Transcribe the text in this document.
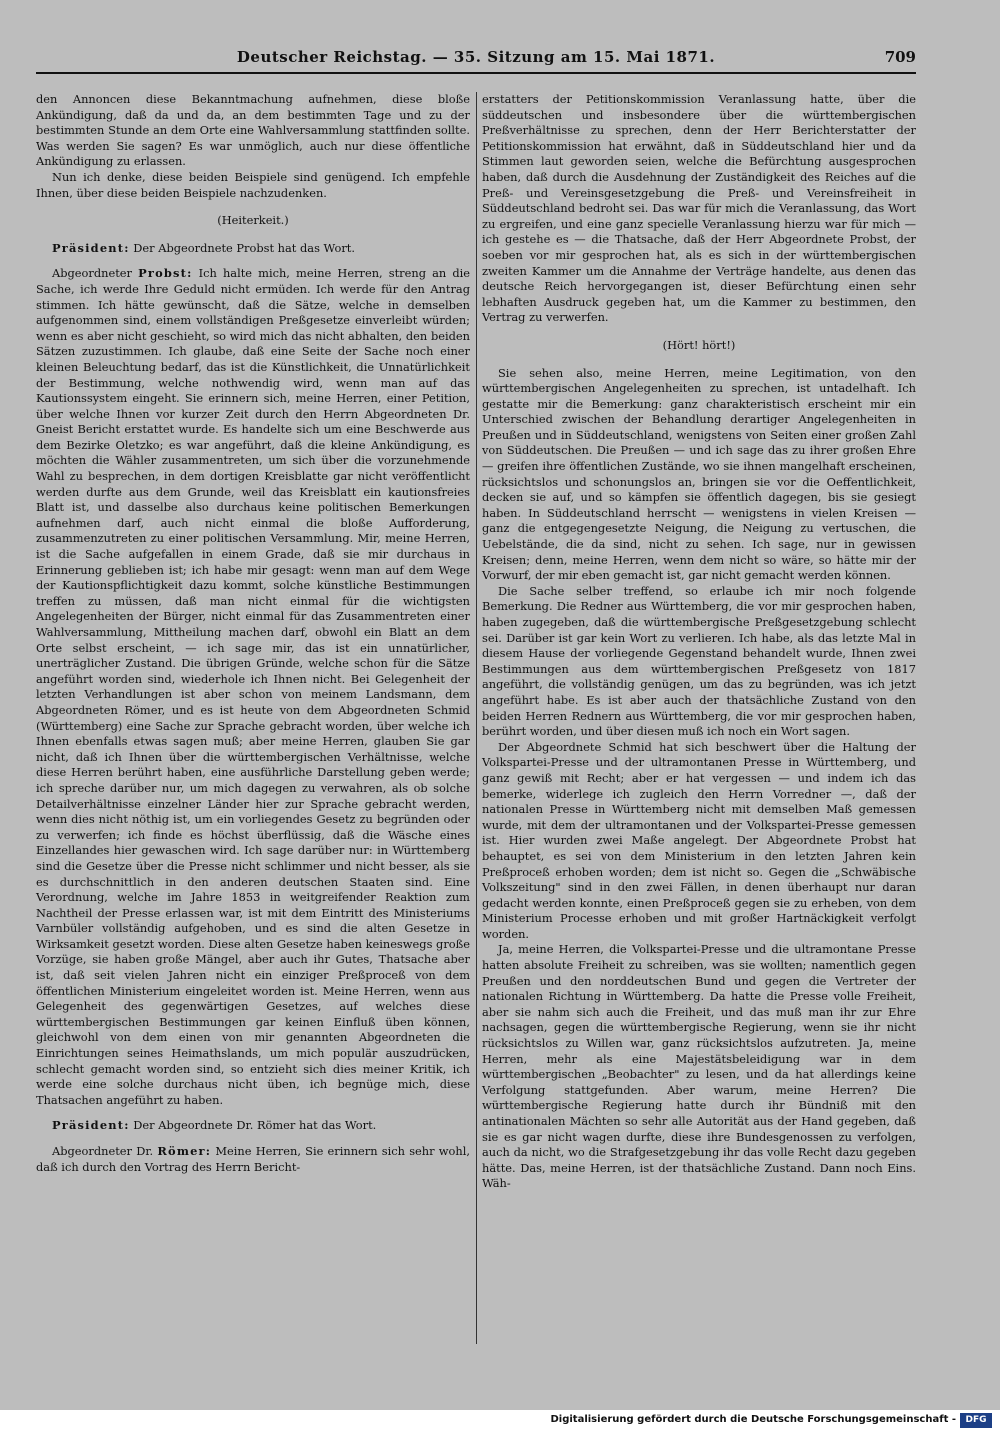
Deutscher Reichstag. — 35. Sitzung am 15. Mai 1871.	709

den Annoncen diese Bekanntmachung aufnehmen, diese bloße Ankündigung, daß da und da, an dem bestimmten Tage und zu der bestimmten Stunde an dem Orte eine Wahlversammlung stattfinden sollte. Was werden Sie sagen? Es war unmöglich, auch nur diese öffentliche Ankündigung zu erlassen.

Nun ich denke, diese beiden Beispiele sind genügend. Ich empfehle Ihnen, über diese beiden Beispiele nachzudenken.

(Heiterkeit.)

Präsident: Der Abgeordnete Probst hat das Wort.

Abgeordneter Probst: Ich halte mich, meine Herren, streng an die Sache, ich werde Ihre Geduld nicht ermüden. Ich werde für den Antrag stimmen. Ich hätte gewünscht, daß die Sätze, welche in demselben aufgenommen sind, einem vollständigen Preßgesetze einverleibt würden; wenn es aber nicht geschieht, so wird mich das nicht abhalten, den beiden Sätzen zuzustimmen. Ich glaube, daß eine Seite der Sache noch einer kleinen Beleuchtung bedarf, das ist die Künstlichkeit, die Unnatürlichkeit der Bestimmung, welche nothwendig wird, wenn man auf das Kautionssystem eingeht. Sie erinnern sich, meine Herren, einer Petition, über welche Ihnen vor kurzer Zeit durch den Herrn Abgeordneten Dr. Gneist Bericht erstattet wurde. Es handelte sich um eine Beschwerde aus dem Bezirke Oletzko; es war angeführt, daß die kleine Ankündigung, es möchten die Wähler zusammentreten, um sich über die vorzunehmende Wahl zu besprechen, in dem dortigen Kreisblatte gar nicht veröffentlicht werden durfte aus dem Grunde, weil das Kreisblatt ein kautionsfreies Blatt ist, und dasselbe also durchaus keine politischen Bemerkungen aufnehmen darf, auch nicht einmal die bloße Aufforderung, zusammenzutreten zu einer politischen Versammlung. Mir, meine Herren, ist die Sache aufgefallen in einem Grade, daß sie mir durchaus in Erinnerung geblieben ist; ich habe mir gesagt: wenn man auf dem Wege der Kautionspflichtigkeit dazu kommt, solche künstliche Bestimmungen treffen zu müssen, daß man nicht einmal für die wichtigsten Angelegenheiten der Bürger, nicht einmal für das Zusammentreten einer Wahlversammlung, Mittheilung machen darf, obwohl ein Blatt an dem Orte selbst erscheint, — ich sage mir, das ist ein unnatürlicher, unerträglicher Zustand. Die übrigen Gründe, welche schon für die Sätze angeführt worden sind, wiederhole ich Ihnen nicht. Bei Gelegenheit der letzten Verhandlungen ist aber schon von meinem Landsmann, dem Abgeordneten Römer, und es ist heute von dem Abgeordneten Schmid (Württemberg) eine Sache zur Sprache gebracht worden, über welche ich Ihnen ebenfalls etwas sagen muß; aber meine Herren, glauben Sie gar nicht, daß ich Ihnen über die württembergischen Verhältnisse, welche diese Herren berührt haben, eine ausführliche Darstellung geben werde; ich spreche darüber nur, um mich dagegen zu verwahren, als ob solche Detailverhältnisse einzelner Länder hier zur Sprache gebracht werden, wenn dies nicht nöthig ist, um ein vorliegendes Gesetz zu begründen oder zu verwerfen; ich finde es höchst überflüssig, daß die Wäsche eines Einzellandes hier gewaschen wird. Ich sage darüber nur: in Württemberg sind die Gesetze über die Presse nicht schlimmer und nicht besser, als sie es durchschnittlich in den anderen deutschen Staaten sind. Eine Verordnung, welche im Jahre 1853 in weitgreifender Reaktion zum Nachtheil der Presse erlassen war, ist mit dem Eintritt des Ministeriums Varnbüler vollständig aufgehoben, und es sind die alten Gesetze in Wirksamkeit gesetzt worden. Diese alten Gesetze haben keineswegs große Vorzüge, sie haben große Mängel, aber auch ihr Gutes, Thatsache aber ist, daß seit vielen Jahren nicht ein einziger Preßproceß von dem öffentlichen Ministerium eingeleitet worden ist. Meine Herren, wenn aus Gelegenheit des gegenwärtigen Gesetzes, auf welches diese württembergischen Bestimmungen gar keinen Einfluß üben können, gleichwohl von dem einen von mir genannten Abgeordneten die Einrichtungen seines Heimathslands, um mich populär auszudrücken, schlecht gemacht worden sind, so entzieht sich dies meiner Kritik, ich werde eine solche durchaus nicht üben, ich begnüge mich, diese Thatsachen angeführt zu haben.

Präsident: Der Abgeordnete Dr. Römer hat das Wort.

Abgeordneter Dr. Römer: Meine Herren, Sie erinnern sich sehr wohl, daß ich durch den Vortrag des Herrn Bericht-

erstatters der Petitionskommission Veranlassung hatte, über die süddeutschen und insbesondere über die württembergischen Preßverhältnisse zu sprechen, denn der Herr Berichterstatter der Petitionskommission hat erwähnt, daß in Süddeutschland hier und da Stimmen laut geworden seien, welche die Befürchtung ausgesprochen haben, daß durch die Ausdehnung der Zuständigkeit des Reiches auf die Preß- und Vereinsgesetzgebung die Preß- und Vereinsfreiheit in Süddeutschland bedroht sei. Das war für mich die Veranlassung, das Wort zu ergreifen, und eine ganz specielle Veranlassung hierzu war für mich — ich gestehe es — die Thatsache, daß der Herr Abgeordnete Probst, der soeben vor mir gesprochen hat, als es sich in der württembergischen zweiten Kammer um die Annahme der Verträge handelte, aus denen das deutsche Reich hervorgegangen ist, dieser Befürchtung einen sehr lebhaften Ausdruck gegeben hat, um die Kammer zu bestimmen, den Vertrag zu verwerfen.

(Hört! hört!)

Sie sehen also, meine Herren, meine Legitimation, von den württembergischen Angelegenheiten zu sprechen, ist untadelhaft. Ich gestatte mir die Bemerkung: ganz charakteristisch erscheint mir ein Unterschied zwischen der Behandlung derartiger Angelegenheiten in Preußen und in Süddeutschland, wenigstens von Seiten einer großen Zahl von Süddeutschen. Die Preußen — und ich sage das zu ihrer großen Ehre — greifen ihre öffentlichen Zustände, wo sie ihnen mangelhaft erscheinen, rücksichtslos und schonungslos an, bringen sie vor die Oeffentlichkeit, decken sie auf, und so kämpfen sie öffentlich dagegen, bis sie gesiegt haben. In Süddeutschland herrscht — wenigstens in vielen Kreisen — ganz die entgegengesetzte Neigung, die Neigung zu vertuschen, die Uebelstände, die da sind, nicht zu sehen. Ich sage, nur in gewissen Kreisen; denn, meine Herren, wenn dem nicht so wäre, so hätte mir der Vorwurf, der mir eben gemacht ist, gar nicht gemacht werden können.

Die Sache selber treffend, so erlaube ich mir noch folgende Bemerkung. Die Redner aus Württemberg, die vor mir gesprochen haben, haben zugegeben, daß die württembergische Preßgesetzgebung schlecht sei. Darüber ist gar kein Wort zu verlieren. Ich habe, als das letzte Mal in diesem Hause der vorliegende Gegenstand behandelt wurde, Ihnen zwei Bestimmungen aus dem württembergischen Preßgesetz von 1817 angeführt, die vollständig genügen, um das zu begründen, was ich jetzt angeführt habe. Es ist aber auch der thatsächliche Zustand von den beiden Herren Rednern aus Württemberg, die vor mir gesprochen haben, berührt worden, und über diesen muß ich noch ein Wort sagen.

Der Abgeordnete Schmid hat sich beschwert über die Haltung der Volkspartei-Presse und der ultramontanen Presse in Württemberg, und ganz gewiß mit Recht; aber er hat vergessen — und indem ich das bemerke, widerlege ich zugleich den Herrn Vorredner —, daß der nationalen Presse in Württemberg nicht mit demselben Maß gemessen wurde, mit dem der ultramontanen und der Volkspartei-Presse gemessen ist. Hier wurden zwei Maße angelegt. Der Abgeordnete Probst hat behauptet, es sei von dem Ministerium in den letzten Jahren kein Preßproceß erhoben worden; dem ist nicht so. Gegen die „Schwäbische Volkszeitung" sind in den zwei Fällen, in denen überhaupt nur daran gedacht werden konnte, einen Preßproceß gegen sie zu erheben, von dem Ministerium Processe erhoben und mit großer Hartnäckigkeit verfolgt worden.

Ja, meine Herren, die Volkspartei-Presse und die ultramontane Presse hatten absolute Freiheit zu schreiben, was sie wollten; namentlich gegen Preußen und den norddeutschen Bund und gegen die Vertreter der nationalen Richtung in Württemberg. Da hatte die Presse volle Freiheit, aber sie nahm sich auch die Freiheit, und das muß man ihr zur Ehre nachsagen, gegen die württembergische Regierung, wenn sie ihr nicht rücksichtslos zu Willen war, ganz rücksichtslos aufzutreten. Ja, meine Herren, mehr als eine Majestätsbeleidigung war in dem württembergischen „Beobachter" zu lesen, und da hat allerdings keine Verfolgung stattgefunden. Aber warum, meine Herren? Die württembergische Regierung hatte durch ihr Bündniß mit den antinationalen Mächten so sehr alle Autorität aus der Hand gegeben, daß sie es gar nicht wagen durfte, diese ihre Bundesgenossen zu verfolgen, auch da nicht, wo die Strafgesetzgebung ihr das volle Recht dazu gegeben hätte. Das, meine Herren, ist der thatsächliche Zustand. Dann noch Eins. Wäh-

Digitalisierung gefördert durch die Deutsche Forschungsgemeinschaft -	DFG
